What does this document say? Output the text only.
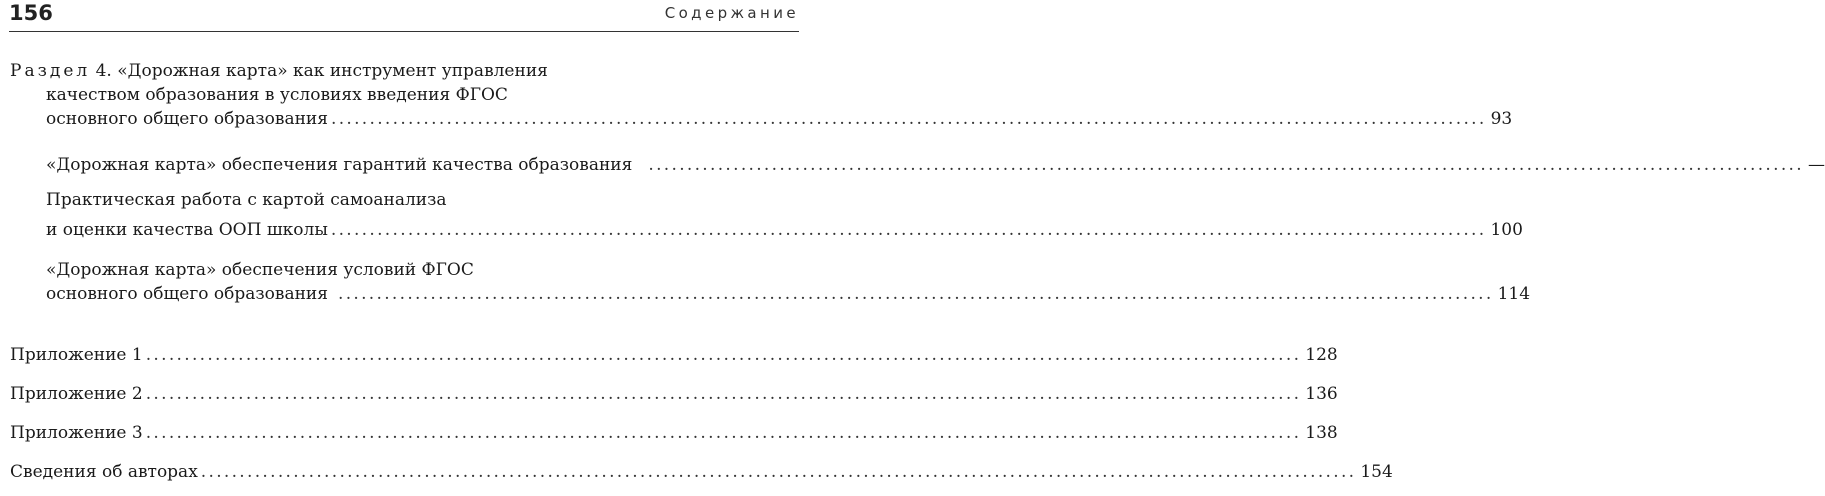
156	Содержание
Раздел 4. «Дорожная карта» как инструмент управления
качеством образования в условиях введения ФГОС
основного общего образования ...................................................................................................................................................... 93
«Дорожная карта» обеспечения гарантий качества образования ...................................................................................................................................................... —
Практическая работа с картой самоанализа
и оценки качества ООП школы ...................................................................................................................................................... 100
«Дорожная карта» обеспечения условий ФГОС
основного общего образования ...................................................................................................................................................... 114
Приложение 1 ...................................................................................................................................................... 128
Приложение 2 ...................................................................................................................................................... 136
Приложение 3 ...................................................................................................................................................... 138
Сведения об авторах ...................................................................................................................................................... 154
